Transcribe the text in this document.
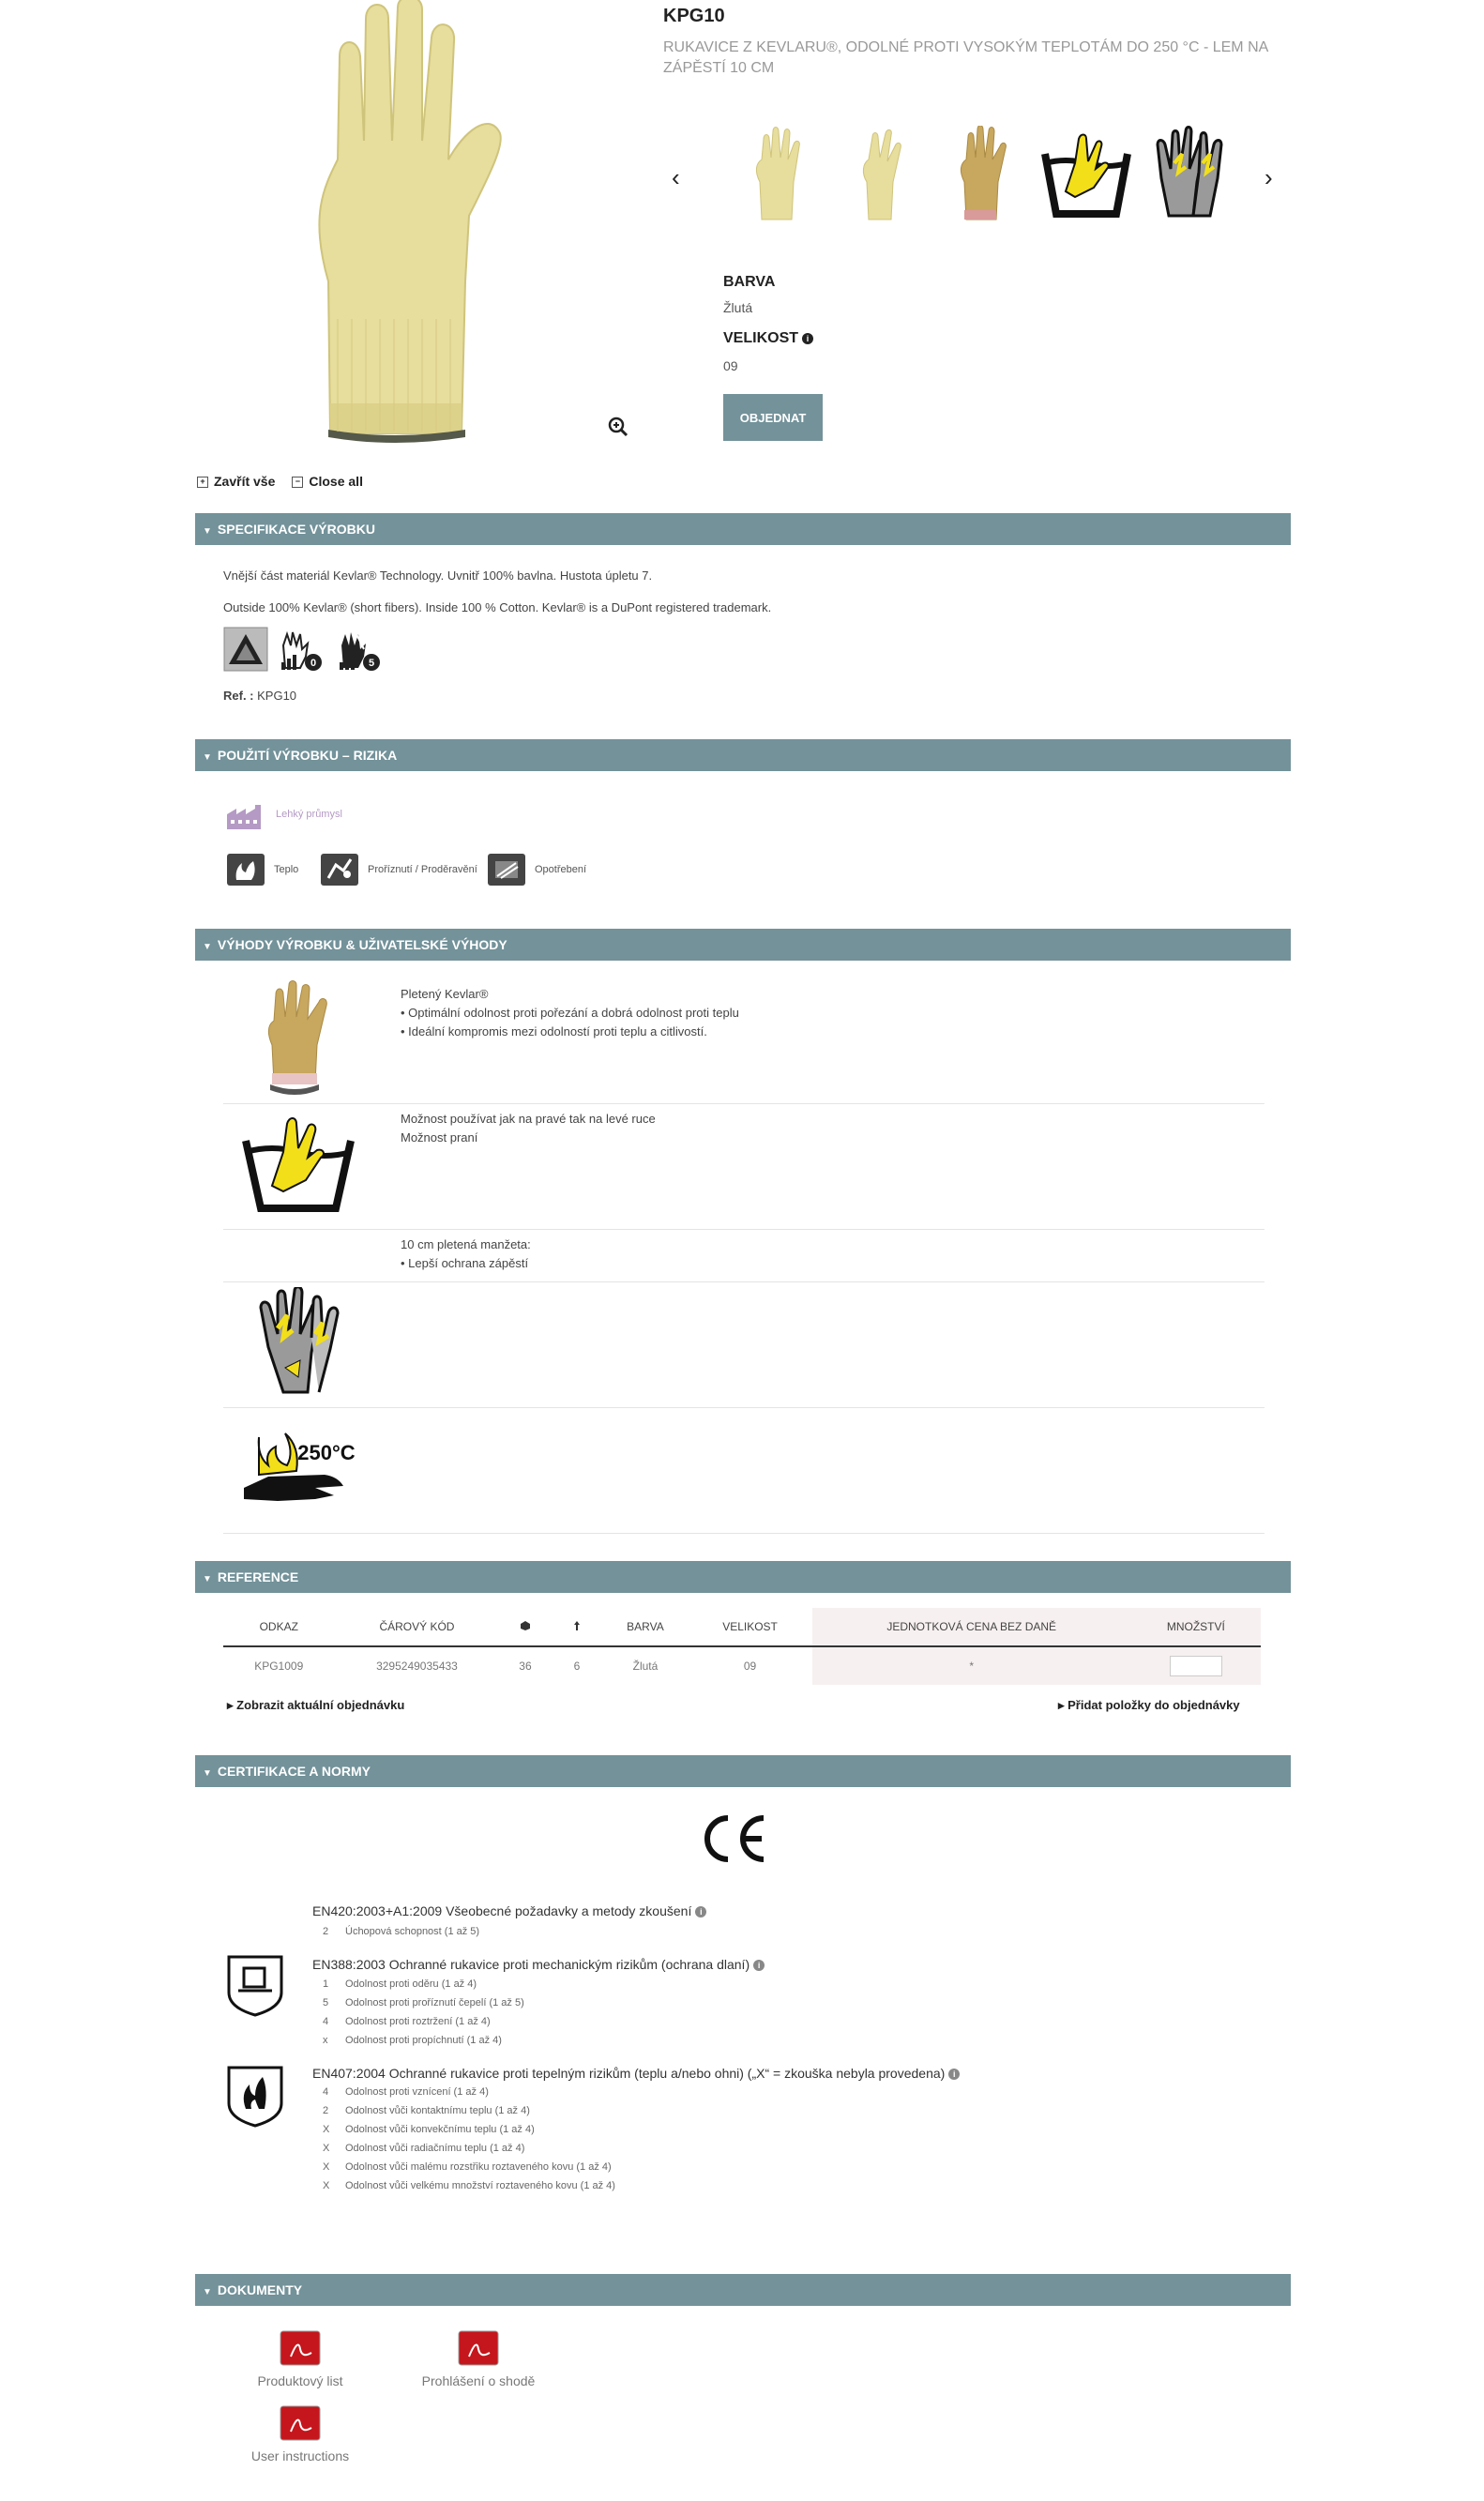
KPG10
RUKAVICE Z KEVLARU®, ODOLNÉ PROTI VYSOKÝM TEPLOTÁM DO 250 °C - LEM NA ZÁPĚSTÍ 10 CM
‹	›
BARVA
Žlutá
VELIKOST i
09
OBJEDNAT
+ Zavřít vše	− Close all
▼ SPECIFIKACE VÝROBKU
Vnější část materiál Kevlar® Technology. Uvnitř 100% bavlna. Hustota úpletu 7.
Outside 100% Kevlar® (short fibers). Inside 100 % Cotton. Kevlar® is a DuPont registered trademark.
0	5
Ref. : KPG10
▼ POUŽITÍ VÝROBKU – RIZIKA
Lehký průmysl
Teplo	Proříznutí / Proděravění	Opotřebení
▼ VÝHODY VÝROBKU & UŽIVATELSKÉ VÝHODY
Pletený Kevlar®
• Optimální odolnost proti pořezání a dobrá odolnost proti teplu
• Ideální kompromis mezi odolností proti teplu a citlivostí.
Možnost používat jak na pravé tak na levé ruce
Možnost praní
10 cm pletená manžeta:
• Lepší ochrana zápěstí
250°C
▼ REFERENCE
ODKAZ	ČÁROVÝ KÓD			BARVA	VELIKOST	JEDNOTKOVÁ CENA BEZ DANĚ	MNOŽSTVÍ
KPG1009	3295249035433	36	6	Žlutá	09	*	
▸ Zobrazit aktuální objednávku	▸ Přidat položky do objednávky
▼ CERTIFIKACE A NORMY
EN420:2003+A1:2009 Všeobecné požadavky a metody zkoušení i
2 Úchopová schopnost (1 až 5)
EN388:2003 Ochranné rukavice proti mechanickým rizikům (ochrana dlaní) i
1 Odolnost proti oděru (1 až 4)
5 Odolnost proti proříznutí čepelí (1 až 5)
4 Odolnost proti roztržení (1 až 4)
x Odolnost proti propíchnutí (1 až 4)
EN407:2004 Ochranné rukavice proti tepelným rizikům (teplu a/nebo ohni) („X“ = zkouška nebyla provedena) i
4 Odolnost proti vznícení (1 až 4)
2 Odolnost vůči kontaktnímu teplu (1 až 4)
X Odolnost vůči konvekčnímu teplu (1 až 4)
X Odolnost vůči radiačnímu teplu (1 až 4)
X Odolnost vůči malému rozstřiku roztaveného kovu (1 až 4)
X Odolnost vůči velkému množství roztaveného kovu (1 až 4)
▼ DOKUMENTY
Produktový list	Prohlášení o shodě
User instructions
